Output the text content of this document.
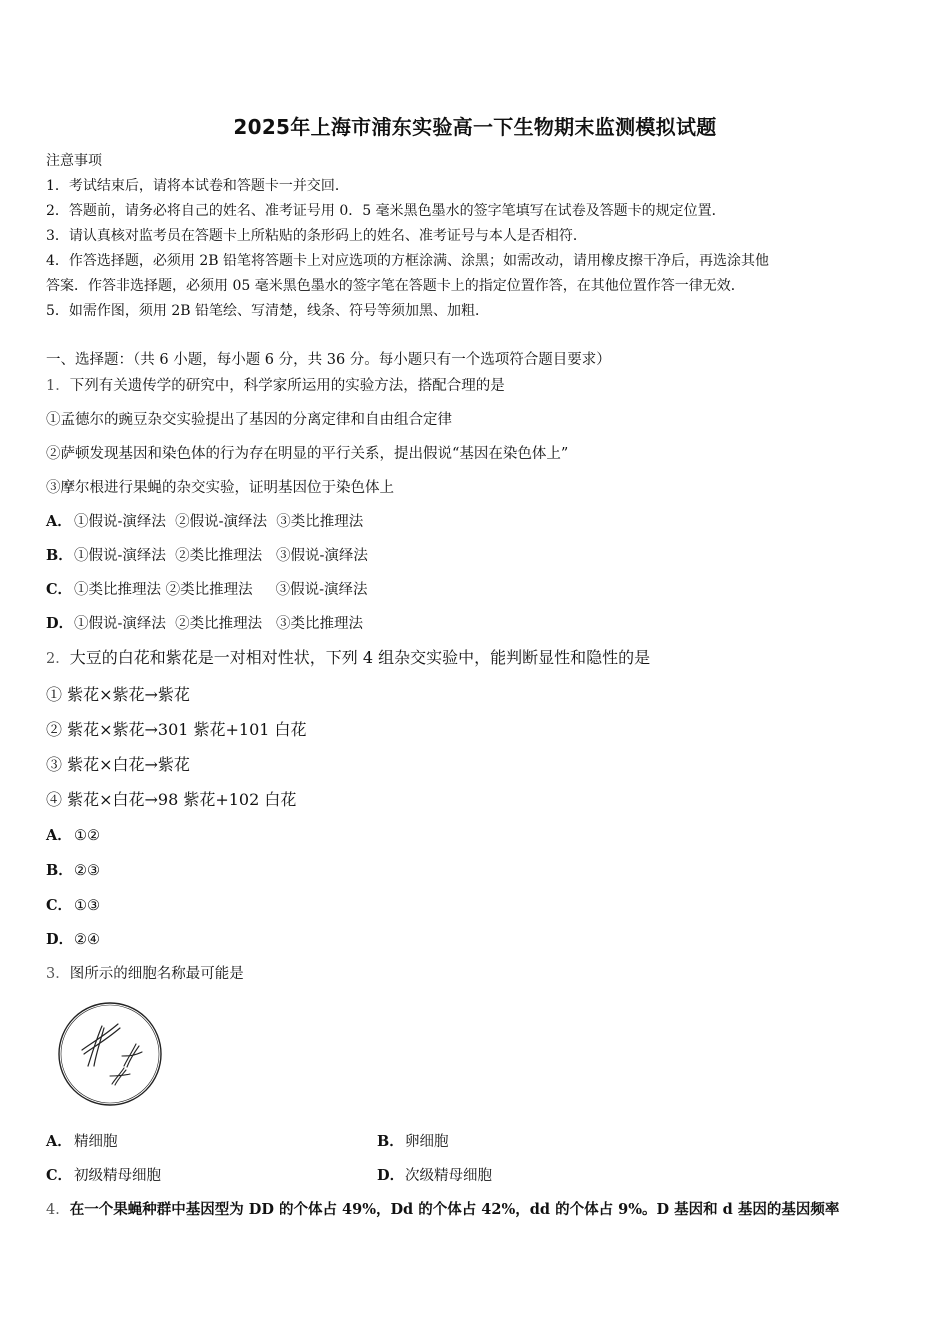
2025年上海市浦东实验高一下生物期末监测模拟试题
注意事项
1．考试结束后，请将本试卷和答题卡一并交回．
2．答题前，请务必将自己的姓名、准考证号用 0．5 毫米黑色墨水的签字笔填写在试卷及答题卡的规定位置．
3．请认真核对监考员在答题卡上所粘贴的条形码上的姓名、准考证号与本人是否相符．
4．作答选择题，必须用 2B 铅笔将答题卡上对应选项的方框涂满、涂黑；如需改动，请用橡皮擦干净后，再选涂其他
答案．作答非选择题，必须用 05 毫米黑色墨水的签字笔在答题卡上的指定位置作答，在其他位置作答一律无效．
5．如需作图，须用 2B 铅笔绘、写清楚，线条、符号等须加黑、加粗．
一、选择题：（共 6 小题，每小题 6 分，共 36 分。每小题只有一个选项符合题目要求）
1．下列有关遗传学的研究中，科学家所运用的实验方法，搭配合理的是
①孟德尔的豌豆杂交实验提出了基因的分离定律和自由组合定律
②萨顿发现基因和染色体的行为存在明显的平行关系，提出假说“基因在染色体上”
③摩尔根进行果蝇的杂交实验，证明基因位于染色体上
A． ①假说-演绎法  ②假说-演绎法  ③类比推理法
B．①假说-演绎法  ②类比推理法   ③假说-演绎法
C． ①类比推理法 ②类比推理法     ③假说-演绎法
D．①假说-演绎法  ②类比推理法   ③类比推理法
2．大豆的白花和紫花是一对相对性状，下列 4 组杂交实验中，能判断显性和隐性的是
① 紫花×紫花→紫花
② 紫花×紫花→301 紫花+101 白花
③ 紫花×白花→紫花
④ 紫花×白花→98 紫花+102 白花
A． ①②
B．②③
C． ①③
D．②④
3．图所示的细胞名称最可能是
A． 精细胞	B．卵细胞
C． 初级精母细胞	D．次级精母细胞
4．在一个果蝇种群中基因型为 DD 的个体占 49%，Dd 的个体占 42%，dd 的个体占 9%。D 基因和 d 基因的基因频率
